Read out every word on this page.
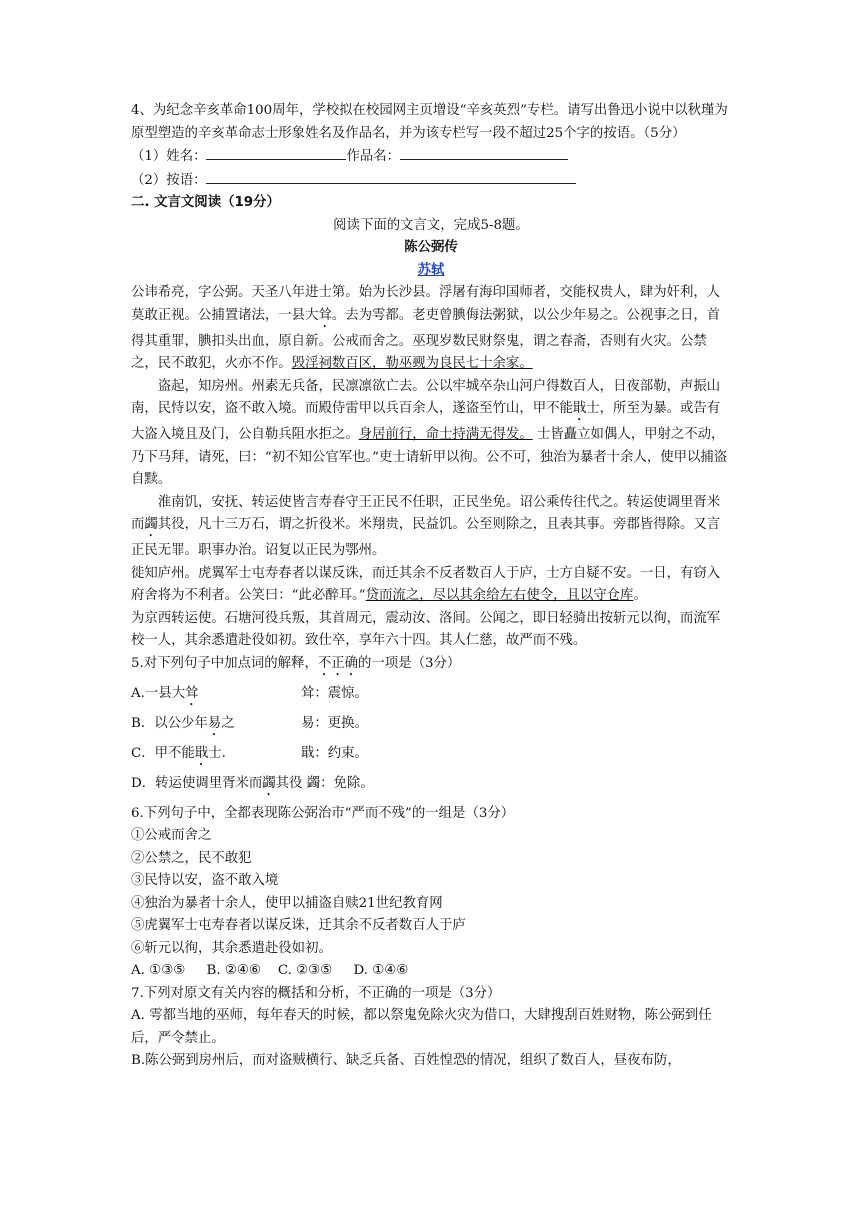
4、为纪念辛亥革命100周年，学校拟在校园网主页增设“辛亥英烈”专栏。请写出鲁迅小说中以秋瑾为原型塑造的辛亥革命志士形象姓名及作品名，并为该专栏写一段不超过25个字的按语。（5分）

（1）姓名：	作品名：

（2）按语：

二. 文言文阅读（19分）

阅读下面的文言文，完成5-8题。

陈公弼传

苏轼

公讳希亮，字公弼。天圣八年进士第。始为长沙县。浮屠有海印国师者，交能权贵人，肆为奸利，人莫敢正视。公捕置诸法，一县大耸。去为雩都。老吏曾腆侮法粥狱，以公少年易之。公视事之日，首得其重罪，腆扣头出血，原自新。公戒而舍之。巫现岁数民财祭鬼，谓之春斋，否则有火灾。公禁之，民不敢犯，火亦不作。毁淫祠数百区，勒巫觋为良民七十余家。

盗起，知房州。州素无兵备，民凛凛欲亡去。公以牢城卒杂山河户得数百人，日夜部勒，声振山南，民恃以安，盗不敢入境。而殿侍雷甲以兵百余人，遂盗至竹山，甲不能戢士，所至为暴。或告有大盗入境且及门，公自勒兵阻水拒之。身居前行，命士持满无得发。 士皆矗立如偶人，甲射之不动，乃下马拜，请死，曰：“初不知公官军也。”吏士请斩甲以徇。公不可，独治为暴者十余人，使甲以捕盗自黩。

淮南饥，安抚、转运使皆言寿春守王正民不任职，正民坐免。诏公乘传往代之。转运使调里胥米而蠲其役，凡十三万石，谓之折役米。米翔贵，民益饥。公至则除之，且表其事。旁郡皆得除。又言正民无罪。职事办治。诏复以正民为鄂州。

徙知庐州。虎翼军士屯寿春者以谋反诛，而迁其余不反者数百人于庐，士方自疑不安。一日，有窃入府舍将为不利者。公笑曰：“此必醉耳。”贷而流之，尽以其余给左右使令，且以守仓库。

为京西转运使。石塘河役兵叛，其首周元，震动汝、洛间。公闻之，即日轻骑出按斩元以徇，而流军校一人，其余悉遣赴役如初。致仕卒，享年六十四。其人仁慈，故严而不残。

5.对下列句子中加点词的解释，不正确的一项是（3分）

A.一县大耸	耸：震惊。
B．以公少年易之	易：更换。
C．甲不能戢士.	戢：约束。
D．转运使调里胥米而 蠲 其役
蠲：免除。

6.下列句子中，全都表现陈公弼治市“严而不残”的一组是（3分）

①公戒而舍之

②公禁之，民不敢犯

③民恃以安，盗不敢入境

④独治为暴者十余人，使甲以捕盗自赎21世纪教育网

⑤虎翼军士屯寿春者以谋反诛，迁其余不反者数百人于庐

⑥斩元以徇，其余悉遣赴役如初。

A. ①③⑤     B. ②④⑥    C. ②③⑤     D. ①④⑥

7.下列对原文有关内容的概括和分析，不正确的一项是（3分）

A. 雩都当地的巫师，每年春天的时候，都以祭鬼免除火灾为借口，大肆搜刮百姓财物，陈公弼到任后，严令禁止。

B.陈公弼到房州后，而对盗贼横行、缺乏兵备、百姓惶恐的情况，组织了数百人，昼夜布防，
